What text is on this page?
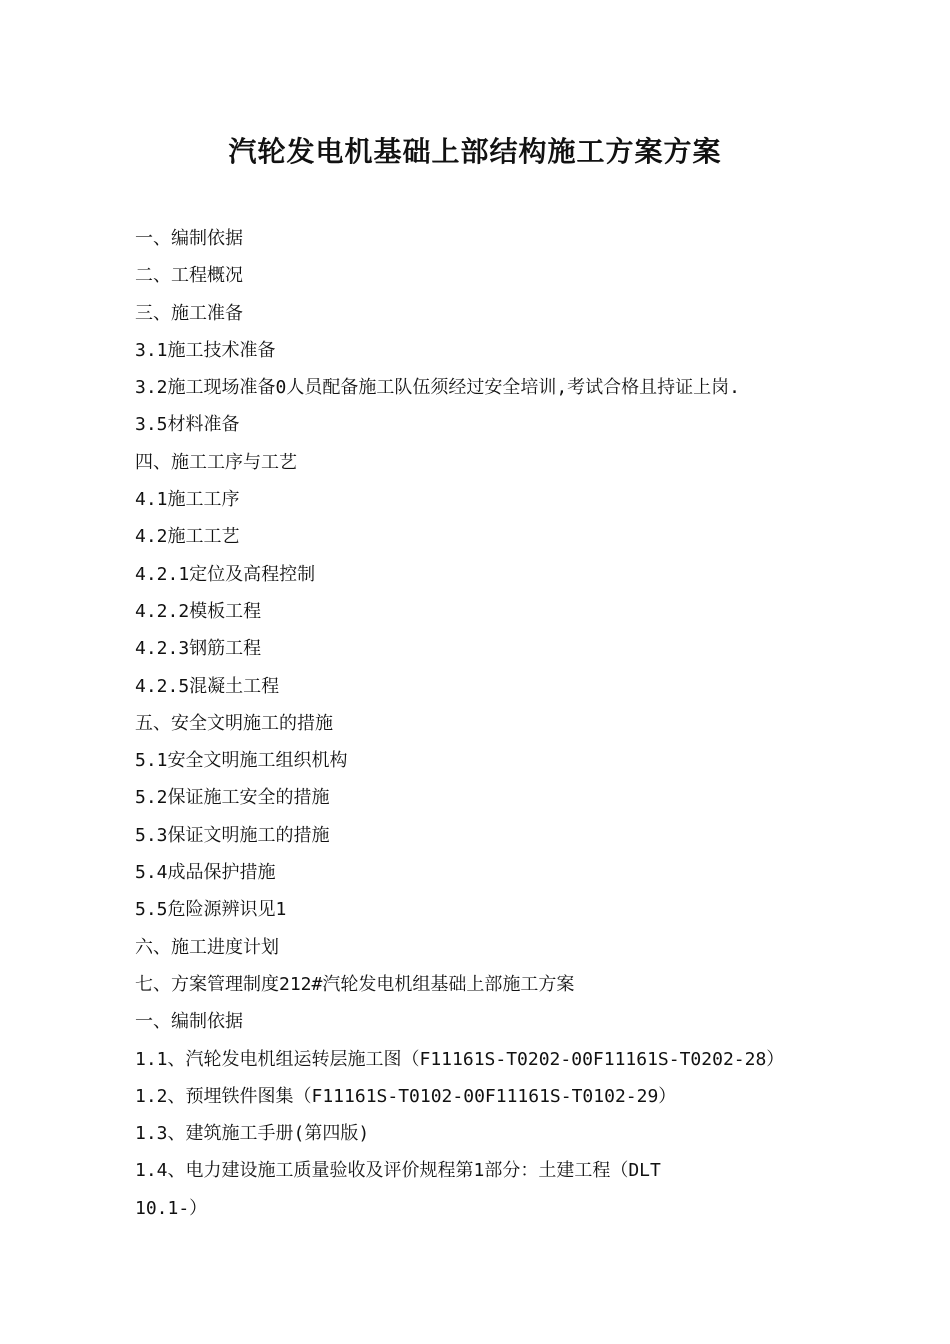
汽轮发电机基础上部结构施工方案方案
一、编制依据
二、工程概况
三、施工准备
3.1施工技术准备
3.2施工现场准备0人员配备施工队伍须经过安全培训,考试合格且持证上岗.
3.5材料准备
四、施工工序与工艺
4.1施工工序
4.2施工工艺
4.2.1定位及高程控制
4.2.2模板工程
4.2.3钢筋工程
4.2.5混凝土工程
五、安全文明施工的措施
5.1安全文明施工组织机构
5.2保证施工安全的措施
5.3保证文明施工的措施
5.4成品保护措施
5.5危险源辨识见1
六、施工进度计划
七、方案管理制度212#汽轮发电机组基础上部施工方案
一、编制依据
1.1、汽轮发电机组运转层施工图（F11161S-T0202-00F11161S-T0202-28）
1.2、预埋铁件图集（F11161S-T0102-00F11161S-T0102-29）
1.3、建筑施工手册(第四版)
1.4、电力建设施工质量验收及评价规程第1部分：土建工程（DLT
10.1-）
